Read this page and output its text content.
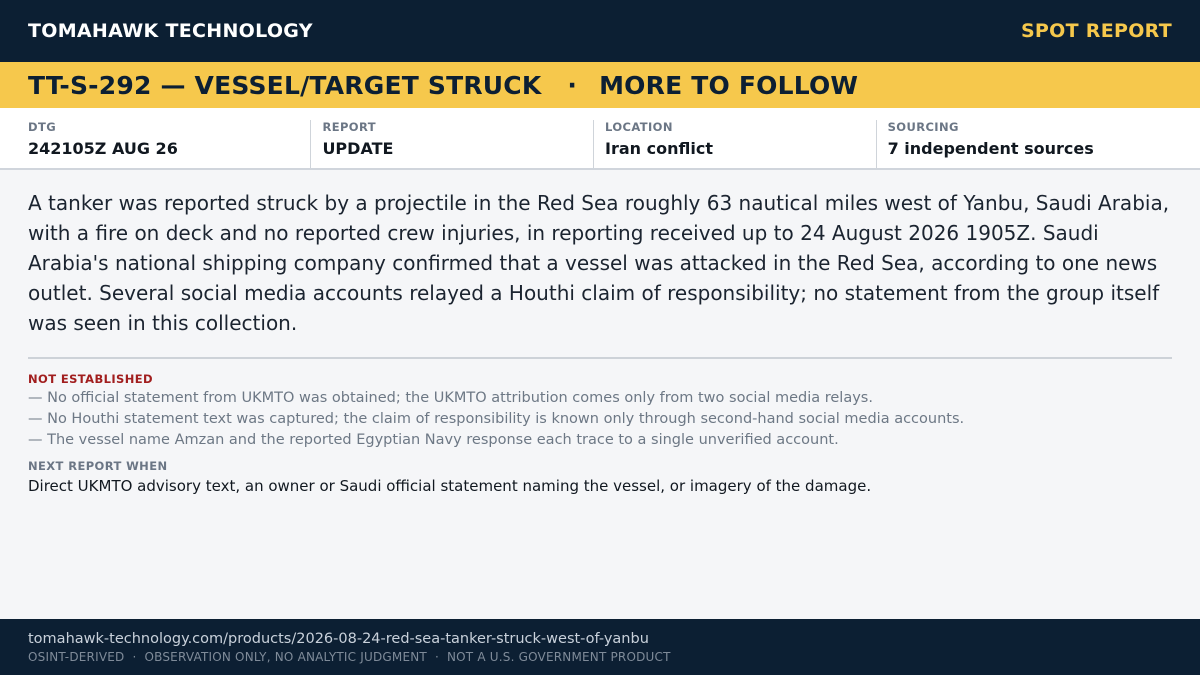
TOMAHAWK TECHNOLOGY	SPOT REPORT
TT-S-292 — VESSEL/TARGET STRUCK · MORE TO FOLLOW
DTG
242105Z AUG 26
REPORT
UPDATE
LOCATION
Iran conflict
SOURCING
7 independent sources
A tanker was reported struck by a projectile in the Red Sea roughly 63 nautical miles west of Yanbu, Saudi Arabia, with a fire on deck and no reported crew injuries, in reporting received up to 24 August 2026 1905Z. Saudi Arabia's national shipping company confirmed that a vessel was attacked in the Red Sea, according to one news outlet. Several social media accounts relayed a Houthi claim of responsibility; no statement from the group itself was seen in this collection.
NOT ESTABLISHED
— No official statement from UKMTO was obtained; the UKMTO attribution comes only from two social media relays.
— No Houthi statement text was captured; the claim of responsibility is known only through second-hand social media accounts.
— The vessel name Amzan and the reported Egyptian Navy response each trace to a single unverified account.
NEXT REPORT WHEN
Direct UKMTO advisory text, an owner or Saudi official statement naming the vessel, or imagery of the damage.
tomahawk-technology.com/products/2026-08-24-red-sea-tanker-struck-west-of-yanbu
OSINT-DERIVED · OBSERVATION ONLY, NO ANALYTIC JUDGMENT · NOT A U.S. GOVERNMENT PRODUCT
